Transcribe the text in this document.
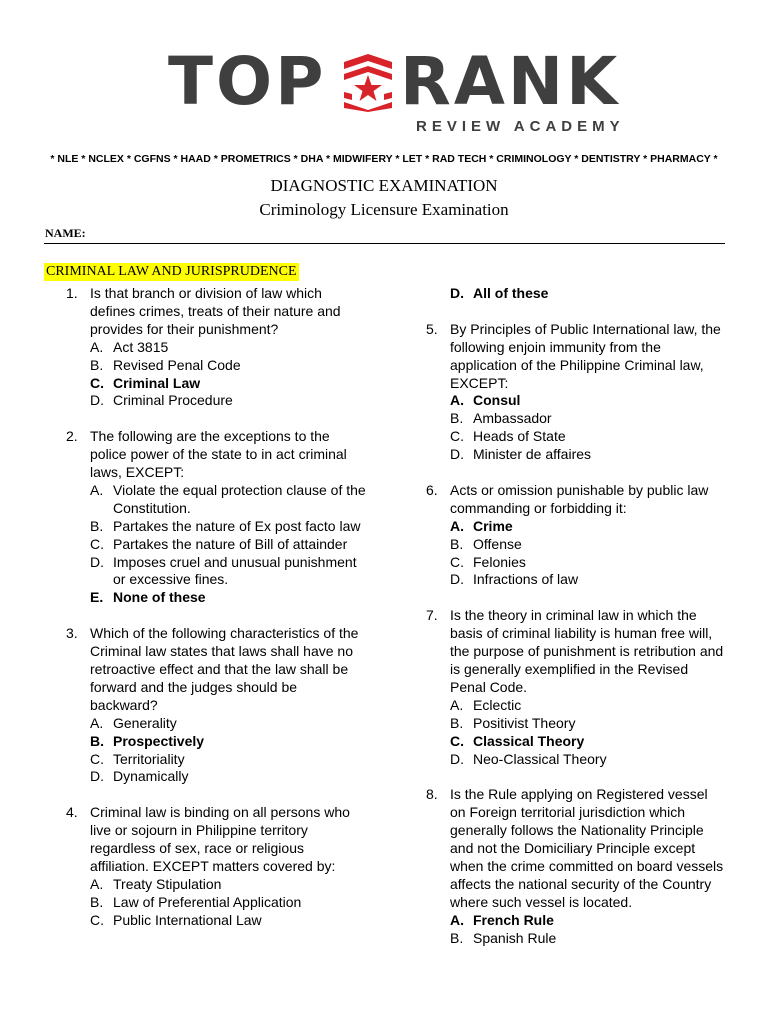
TOP RANK
REVIEW ACADEMY
* NLE * NCLEX * CGFNS * HAAD * PROMETRICS * DHA * MIDWIFERY * LET * RAD TECH * CRIMINOLOGY * DENTISTRY * PHARMACY *
DIAGNOSTIC EXAMINATION
Criminology Licensure Examination
NAME:
CRIMINAL LAW AND JURISPRUDENCE
1. Is that branch or division of law which defines crimes, treats of their nature and provides for their punishment?
A. Act 3815
B. Revised Penal Code
C. Criminal Law
D. Criminal Procedure
2. The following are the exceptions to the police power of the state to in act criminal laws, EXCEPT:
A. Violate the equal protection clause of the Constitution.
B. Partakes the nature of Ex post facto law
C. Partakes the nature of Bill of attainder
D. Imposes cruel and unusual punishment or excessive fines.
E. None of these
3. Which of the following characteristics of the Criminal law states that laws shall have no retroactive effect and that the law shall be forward and the judges should be backward?
A. Generality
B. Prospectively
C. Territoriality
D. Dynamically
4. Criminal law is binding on all persons who live or sojourn in Philippine territory regardless of sex, race or religious affiliation. EXCEPT matters covered by:
A. Treaty Stipulation
B. Law of Preferential Application
C. Public International Law
D. All of these
5. By Principles of Public International law, the following enjoin immunity from the application of the Philippine Criminal law, EXCEPT:
A. Consul
B. Ambassador
C. Heads of State
D. Minister de affaires
6. Acts or omission punishable by public law commanding or forbidding it:
A. Crime
B. Offense
C. Felonies
D. Infractions of law
7. Is the theory in criminal law in which the basis of criminal liability is human free will, the purpose of punishment is retribution and is generally exemplified in the Revised Penal Code.
A. Eclectic
B. Positivist Theory
C. Classical Theory
D. Neo-Classical Theory
8. Is the Rule applying on Registered vessel on Foreign territorial jurisdiction which generally follows the Nationality Principle and not the Domiciliary Principle except when the crime committed on board vessels affects the national security of the Country where such vessel is located.
A. French Rule
B. Spanish Rule
